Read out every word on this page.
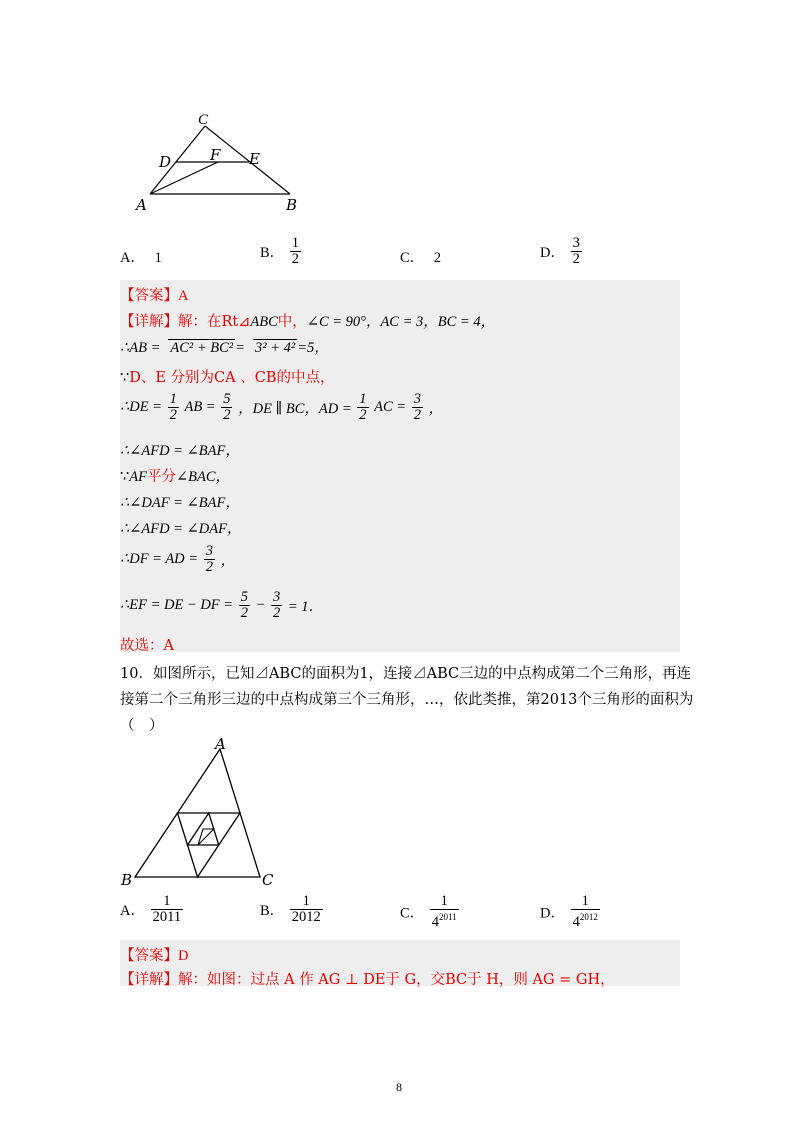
C
D	F E
A	B
A． 1	B． $\frac{1}{2}$	C． 2	D． $\frac{3}{2}$
【答案】A
【详解】解：在Rt⊿ABC中，∠C = 90°，AC = 3，BC = 4，
∴AB = AC² + BC² = 3² + 4² =5，
∵D、E 分别为CA 、CB的中点，
∴DE = $\frac{1}{2}$ AB = $\frac{5}{2}$ ，DE ∥ BC，AD = $\frac{1}{2}$ AC = $\frac{3}{2}$ ，
∴∠AFD = ∠BAF，
∵AF平分∠BAC，
∴∠DAF = ∠BAF，
∴∠AFD = ∠DAF，
∴DF = AD = $\frac{3}{2}$ ，
∴EF = DE − DF = $\frac{5}{2} - \frac{3}{2} = 1$．
故选：A
10．如图所示，已知⊿ABC的面积为1，连接⊿ABC三边的中点构成第二个三角形，再连
接第二个三角形三边的中点构成第三个三角形，…，依此类推，第2013个三角形的面积为
（　）
A
B	C
A． $\frac{1}{2011}$	B． $\frac{1}{2012}$	C． $\frac{1}{4^{2011}}$	D． $\frac{1}{4^{2012}}$
【答案】D
【详解】解：如图：过点 A 作 AG ⊥ DE于 G，交BC于 H，则 AG = GH，
8
